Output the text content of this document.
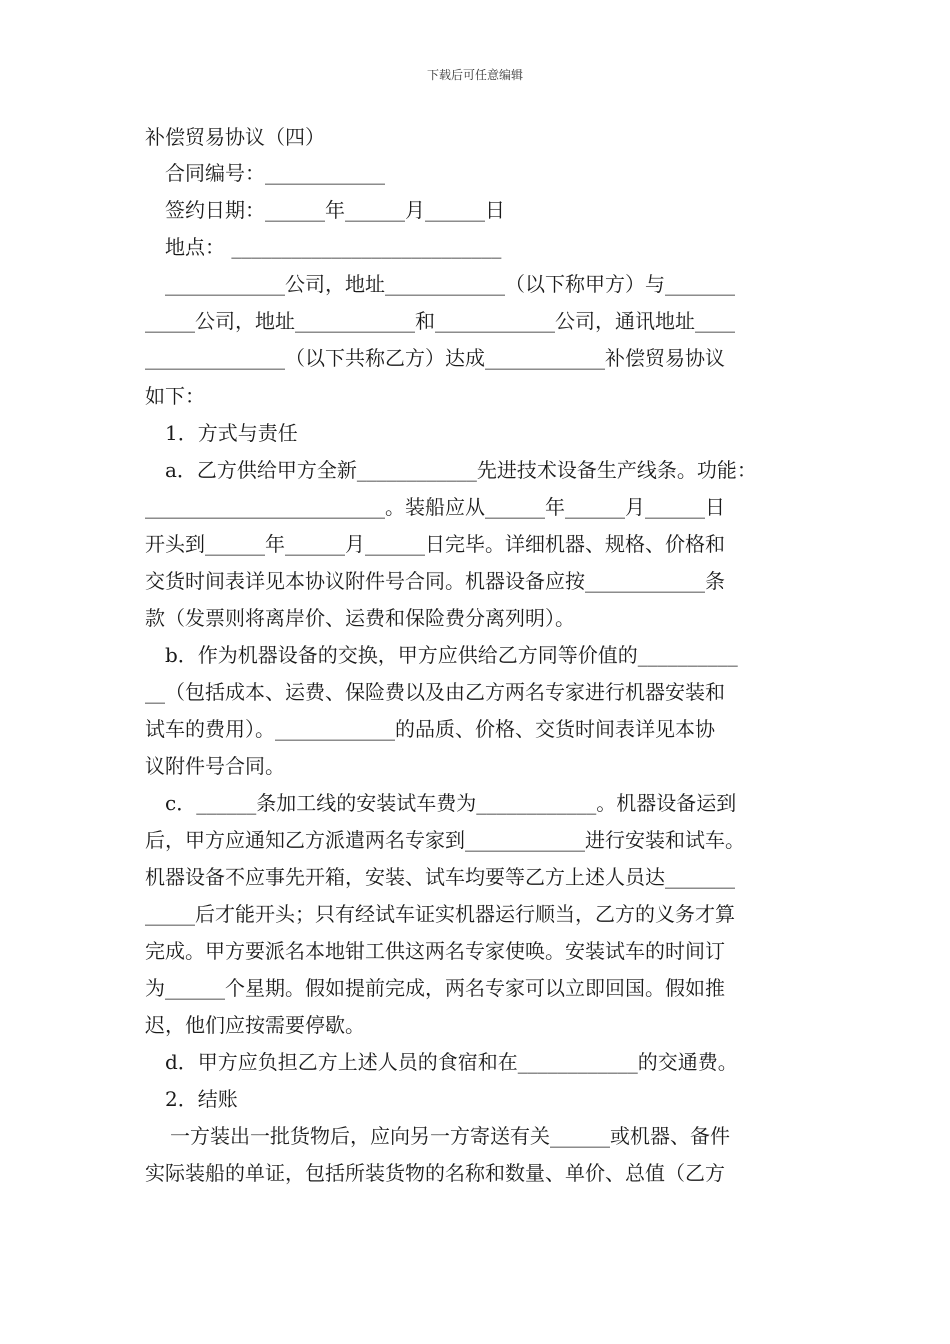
下载后可任意编辑
补偿贸易协议（四）
合同编号：____________
签约日期：______年______月______日
地点： ___________________________
____________公司，地址____________（以下称甲方）与_______
_____公司，地址____________和____________公司，通讯地址____
______________（以下共称乙方）达成____________补偿贸易协议
如下：
1．方式与责任
a．乙方供给甲方全新____________先进技术设备生产线条。功能：
________________________。装船应从______年______月______日
开头到______年______月______日完毕。详细机器、规格、价格和
交货时间表详见本协议附件号合同。机器设备应按____________条
款（发票则将离岸价、运费和保险费分离列明）。
b．作为机器设备的交换，甲方应供给乙方同等价值的__________
__（包括成本、运费、保险费以及由乙方两名专家进行机器安装和
试车的费用）。____________的品质、价格、交货时间表详见本协
议附件号合同。
c．______条加工线的安装试车费为____________。机器设备运到
后，甲方应通知乙方派遣两名专家到____________进行安装和试车。
机器设备不应事先开箱，安装、试车均要等乙方上述人员达_______
_____后才能开头；只有经试车证实机器运行顺当，乙方的义务才算
完成。甲方要派名本地钳工供这两名专家使唤。安装试车的时间订
为______个星期。假如提前完成，两名专家可以立即回国。假如推
迟，他们应按需要停歇。
d．甲方应负担乙方上述人员的食宿和在____________的交通费。
2．结账
一方装出一批货物后，应向另一方寄送有关______或机器、备件
实际装船的单证，包括所装货物的名称和数量、单价、总值（乙方
